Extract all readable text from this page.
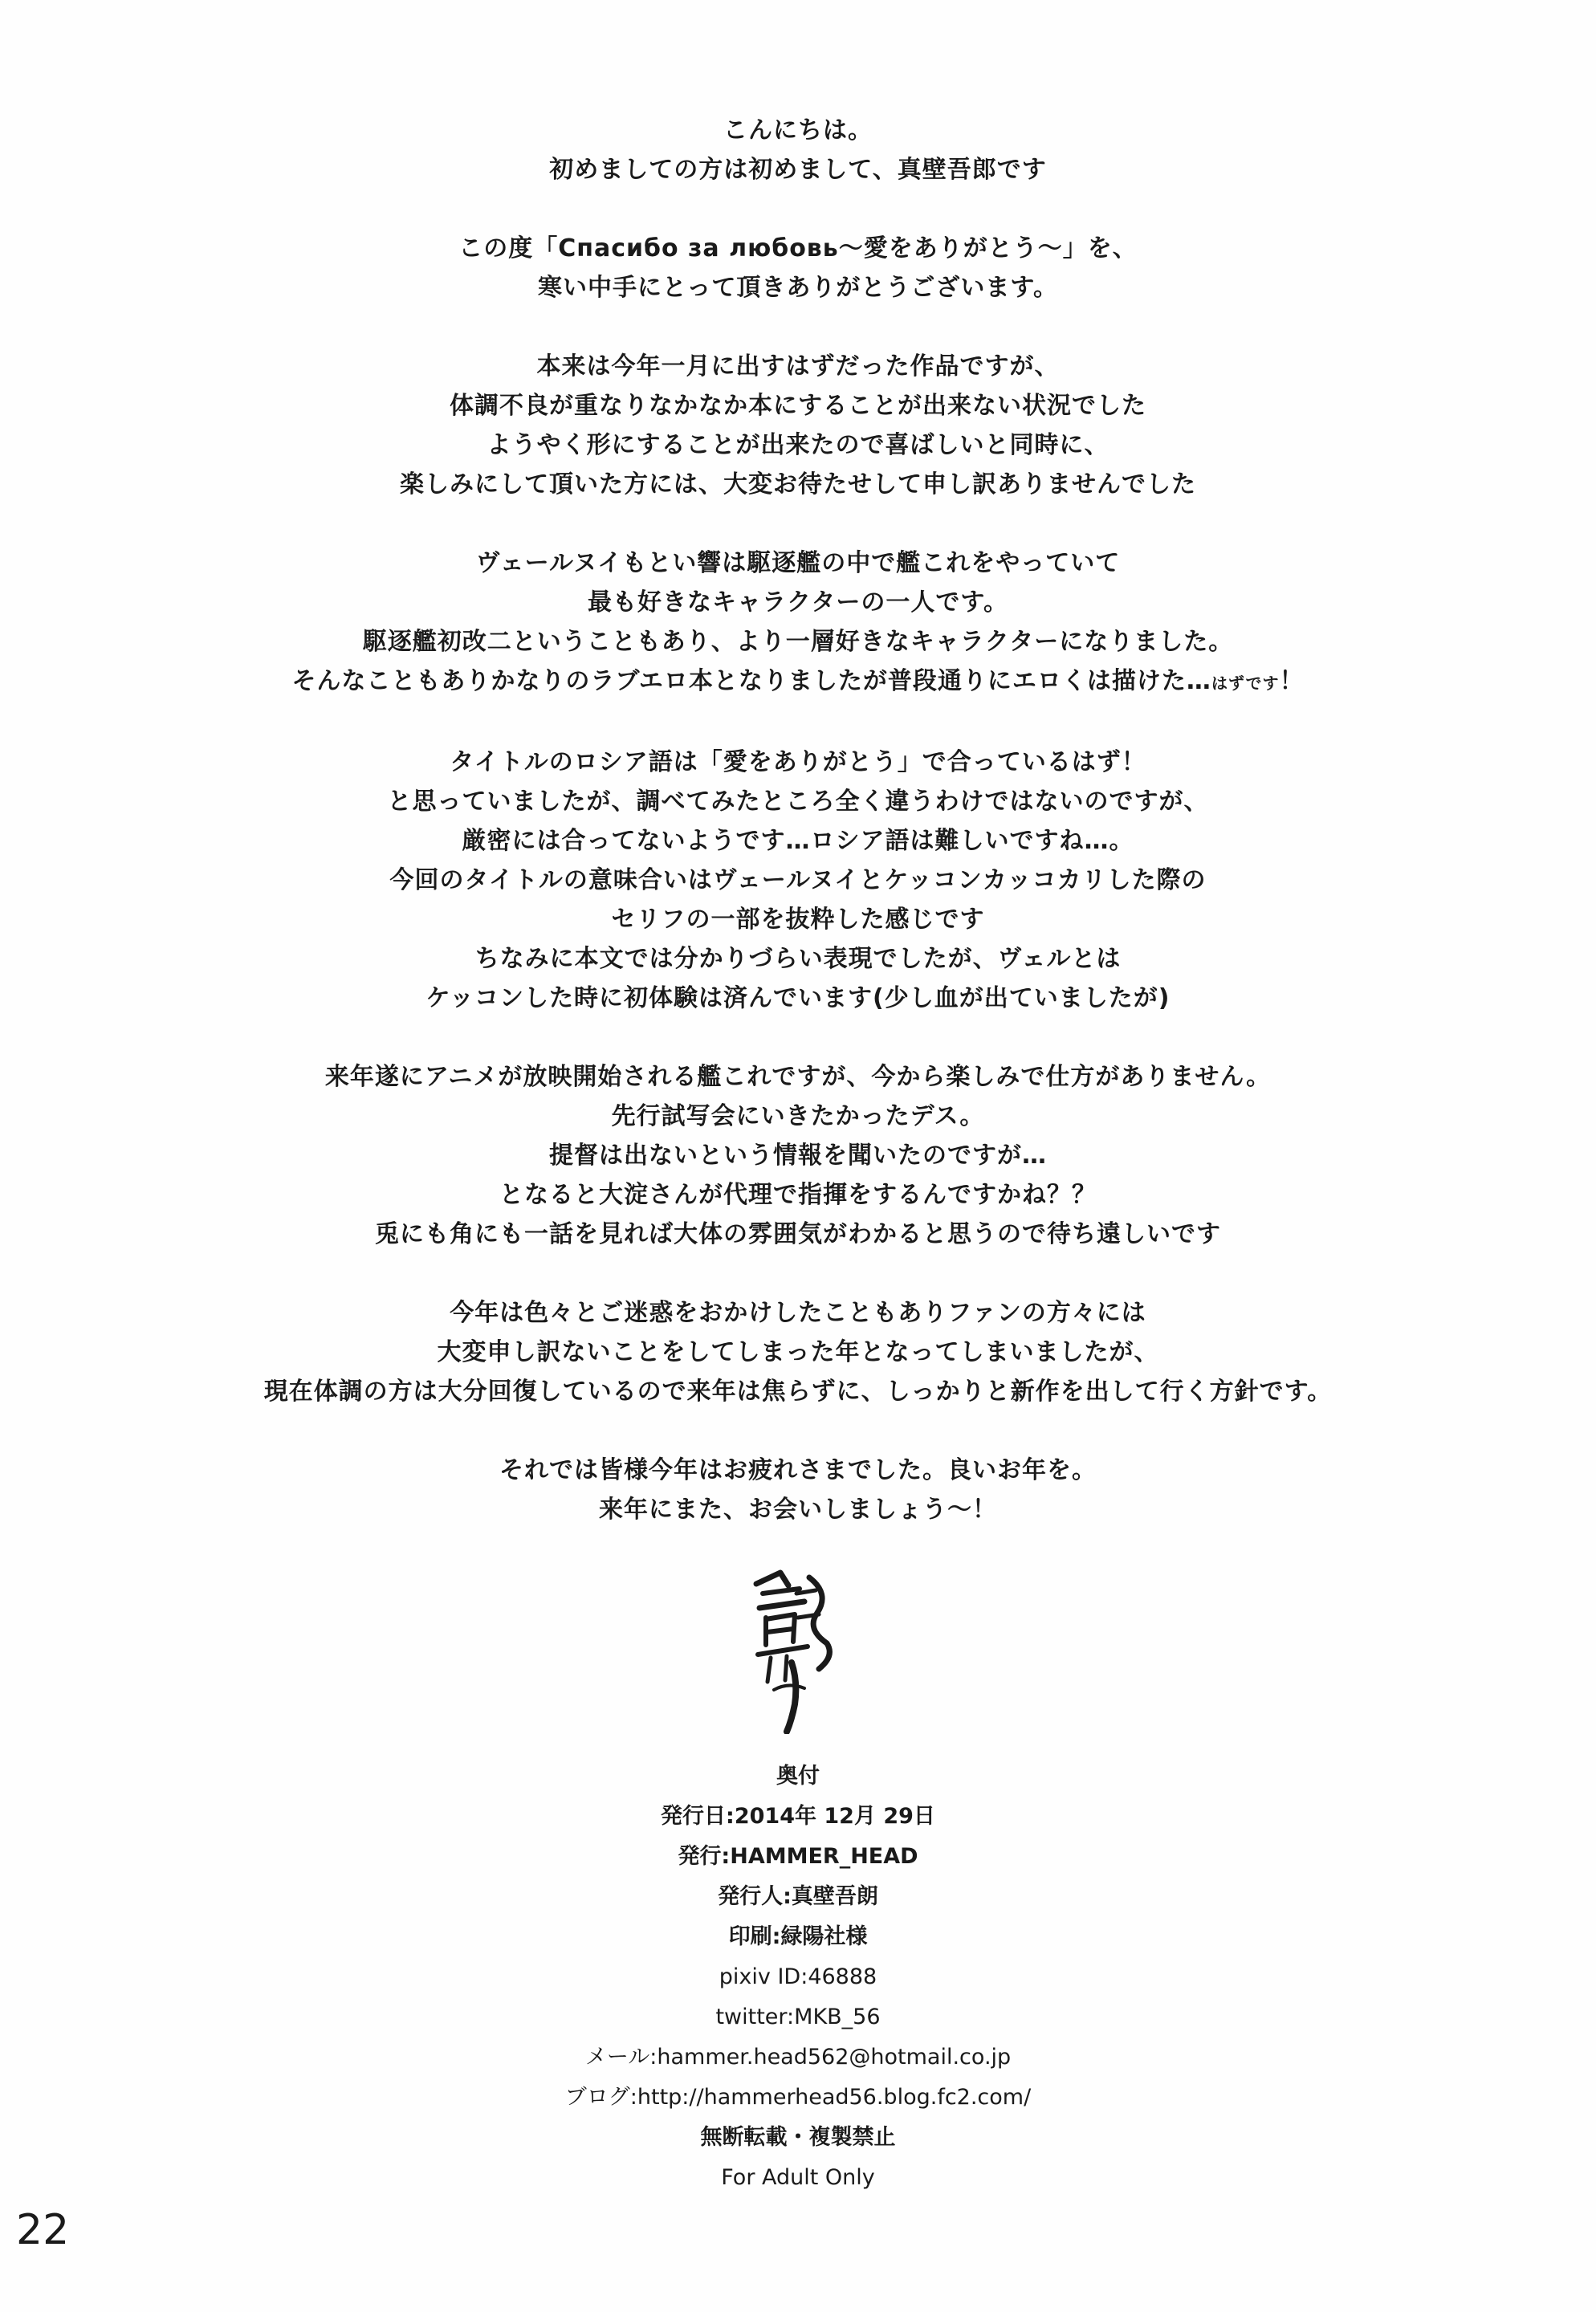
こんにちは。
初めましての方は初めまして、真壁吾郎です

この度「Спасибо за любовь～愛をありがとう～」を、
寒い中手にとって頂きありがとうございます。

本来は今年一月に出すはずだった作品ですが、
体調不良が重なりなかなか本にすることが出来ない状況でした
ようやく形にすることが出来たので喜ばしいと同時に、
楽しみにして頂いた方には、大変お待たせして申し訳ありませんでした

ヴェールヌイもとい響は駆逐艦の中で艦これをやっていて
最も好きなキャラクターの一人です。
駆逐艦初改二ということもあり、より一層好きなキャラクターになりました。
そんなこともありかなりのラブエロ本となりましたが普段通りにエロくは描けた…はずです！

タイトルのロシア語は「愛をありがとう」で合っているはず！
と思っていましたが、調べてみたところ全く違うわけではないのですが、
厳密には合ってないようです…ロシア語は難しいですね…。
今回のタイトルの意味合いはヴェールヌイとケッコンカッコカリした際の
セリフの一部を抜粋した感じです
ちなみに本文では分かりづらい表現でしたが、ヴェルとは
ケッコンした時に初体験は済んでいます(少し血が出ていましたが)

来年遂にアニメが放映開始される艦これですが、今から楽しみで仕方がありません。
先行試写会にいきたかったデス。
提督は出ないという情報を聞いたのですが…
となると大淀さんが代理で指揮をするんですかね？？
兎にも角にも一話を見れば大体の雰囲気がわかると思うので待ち遠しいです

今年は色々とご迷惑をおかけしたこともありファンの方々には
大変申し訳ないことをしてしまった年となってしまいましたが、
現在体調の方は大分回復しているので来年は焦らずに、しっかりと新作を出して行く方針です。

それでは皆様今年はお疲れさまでした。良いお年を。
来年にまた、お会いしましょう～！

奥付
発行日:2014年 12月 29日
発行:HAMMER_HEAD
発行人:真壁吾朗
印刷:緑陽社様
pixiv ID:46888
twitter:MKB_56
メール:hammer.head562@hotmail.co.jp
ブログ:http://hammerhead56.blog.fc2.com/
無断転載・複製禁止
For Adult Only
22
